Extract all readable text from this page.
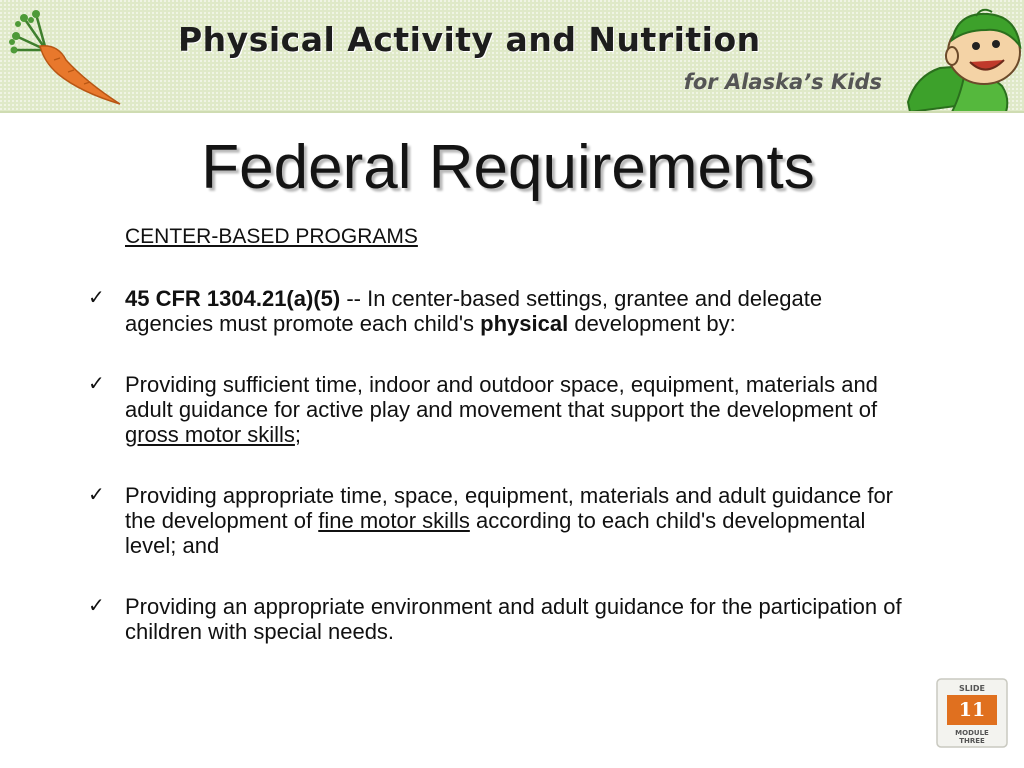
Physical Activity and Nutrition
for Alaska’s Kids
Federal Requirements
CENTER-BASED PROGRAMS
✓ 45 CFR 1304.21(a)(5) -- In center-based settings, grantee and delegate agencies must promote each child's physical development by:
✓ Providing sufficient time, indoor and outdoor space, equipment, materials and adult guidance for active play and movement that support the development of gross motor skills;
✓ Providing appropriate time, space, equipment, materials and adult guidance for the development of fine motor skills according to each child's developmental level; and
✓ Providing an appropriate environment and adult guidance for the participation of children with special needs.
SLIDE
11
MODULE
THREE
